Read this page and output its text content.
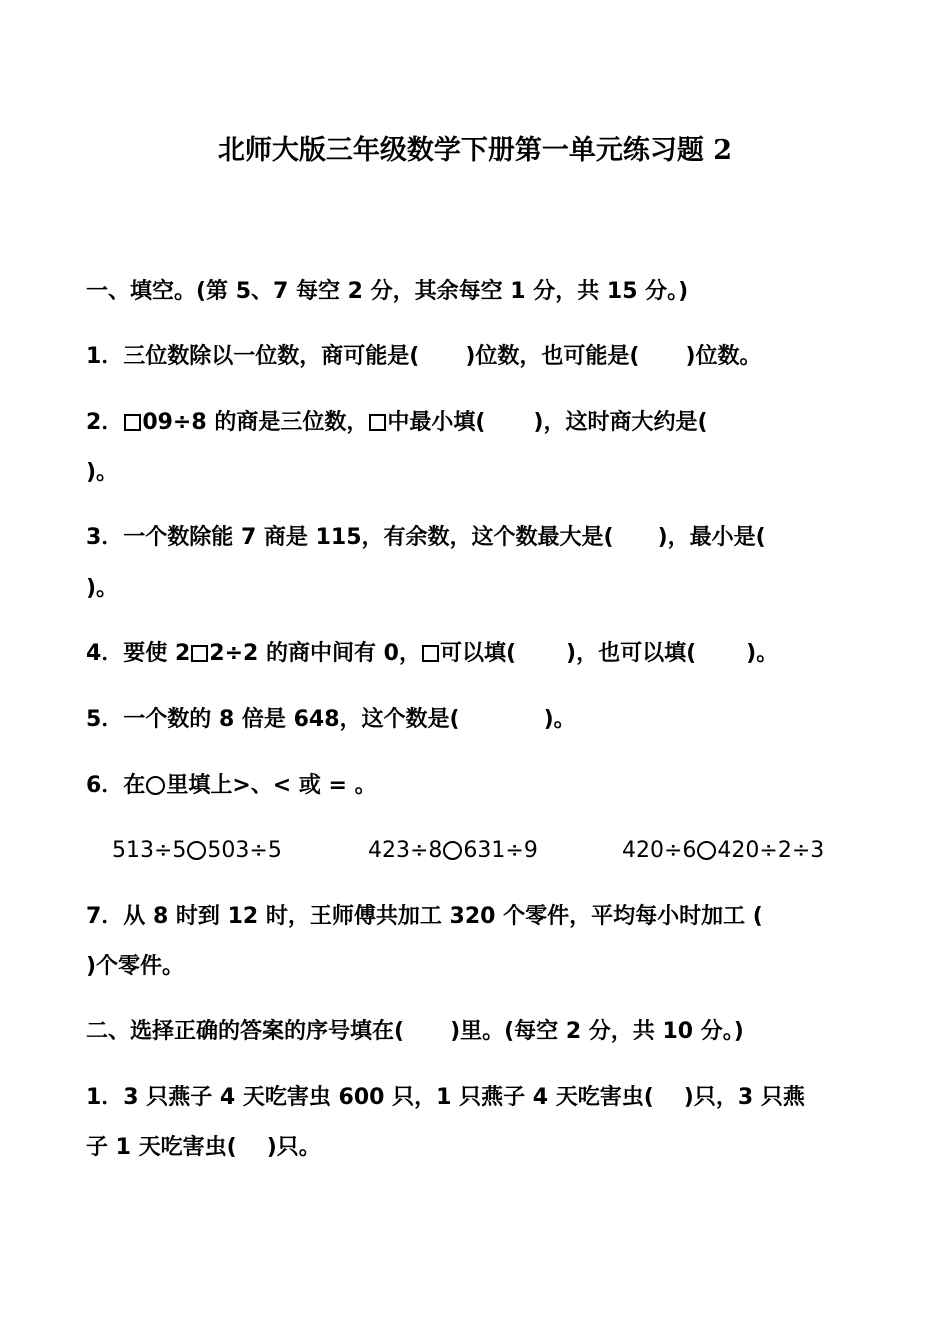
北师大版三年级数学下册第一单元练习题 2
一、填空。(第 5、7 每空 2 分，其余每空 1 分，共 15 分。)
1．三位数除以一位数，商可能是( )位数，也可能是( )位数。
2． 09÷8 的商是三位数， 中最小填( )，这时商大约是(
)。
3．一个数除能 7 商是 115，有余数，这个数最大是( )，最小是(
)。
4．要使 2 2÷2 的商中间有 0， 可以填( )，也可以填( )。
5．一个数的 8 倍是 648，这个数是(	)。
6．在 里填上>、< 或 = 。
513÷5 503÷5	423÷8 631÷9	420÷6 420÷2÷3
7．从 8 时到 12 时，王师傅共加工 320 个零件，平均每小时加工 (
)个零件。
二、选择正确的答案的序号填在( )里。(每空 2 分，共 10 分。)
1．3 只燕子 4 天吃害虫 600 只，1 只燕子 4 天吃害虫( )只，3 只燕
子 1 天吃害虫( )只。
